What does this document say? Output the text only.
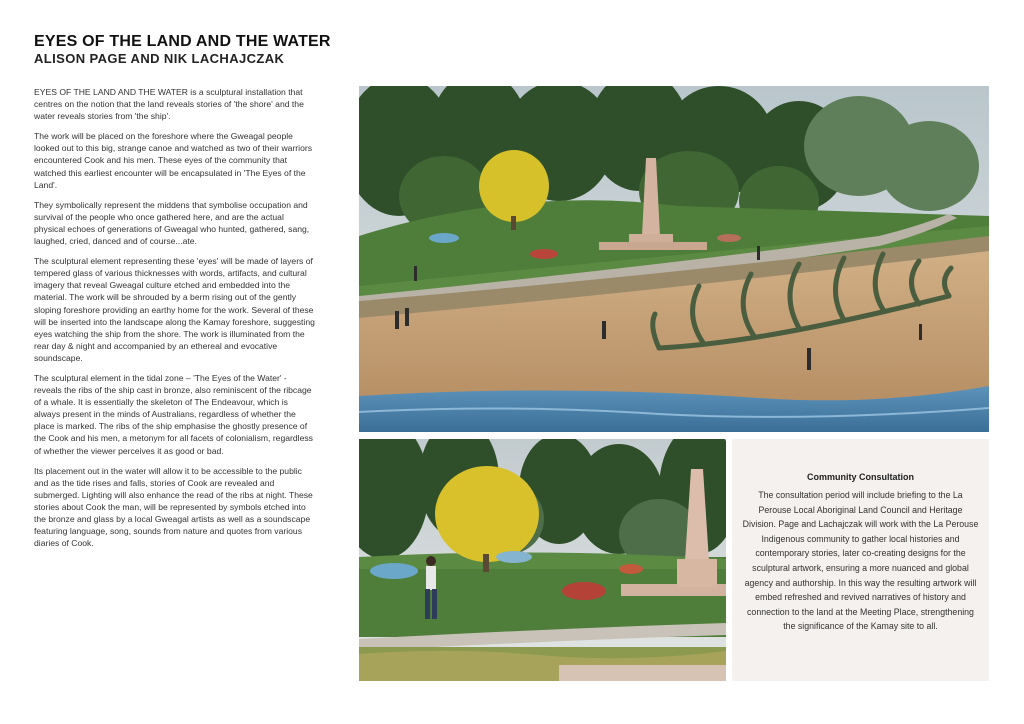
EYES OF THE LAND AND THE WATER
ALISON PAGE AND NIK LACHAJCZAK

EYES OF THE LAND AND THE WATER is a sculptural installation that centres on the notion that the land reveals stories of 'the shore' and the water reveals stories from 'the ship'.

The work will be placed on the foreshore where the Gweagal people looked out to this big, strange canoe and watched as two of their warriors encountered Cook and his men. These eyes of the community that watched this earliest encounter will be encapsulated in 'The Eyes of the Land'.

They symbolically represent the middens that symbolise occupation and survival of the people who once gathered here, and are the actual physical echoes of generations of Gweagal who hunted, gathered, sang, laughed, cried, danced and of course...ate.

The sculptural element representing these 'eyes' will be made of layers of tempered glass of various thicknesses with words, artifacts, and cultural imagery that reveal Gweagal culture etched and embedded into the material. The work will be shrouded by a berm rising out of the gently sloping foreshore providing an earthy home for the work. Several of these will be inserted into the landscape along the Kamay foreshore, suggesting eyes watching the ship from the shore. The work is illuminated from the rear day & night and accompanied by an ethereal and evocative soundscape.

The sculptural element in the tidal zone – 'The Eyes of the Water' - reveals the ribs of the ship cast in bronze, also reminiscent of the ribcage of a whale. It is essentially the skeleton of The Endeavour, which is always present in the minds of Australians, regardless of whether the place is marked. The ribs of the ship emphasise the ghostly presence of the Cook and his men, a metonym for all facets of colonialism, regardless of whether the viewer perceives it as good or bad.

Its placement out in the water will allow it to be accessible to the public and as the tide rises and falls, stories of Cook are revealed and submerged. Lighting will also enhance the read of the ribs at night. These stories about Cook the man, will be represented by symbols etched into the bronze and glass by a local Gweagal artists as well as a soundscape featuring language, song, sounds from nature and quotes from various diaries of Cook.

Community Consultation

The consultation period will include briefing to the La Perouse Local Aboriginal Land Council and Heritage Division. Page and Lachajczak will work with the La Perouse Indigenous community to gather local histories and contemporary stories, later co-creating designs for the sculptural artwork, ensuring a more nuanced and global agency and authorship. In this way the resulting artwork will embed refreshed and revived narratives of history and connection to the land at the Meeting Place, strengthening the significance of the Kamay site to all.
